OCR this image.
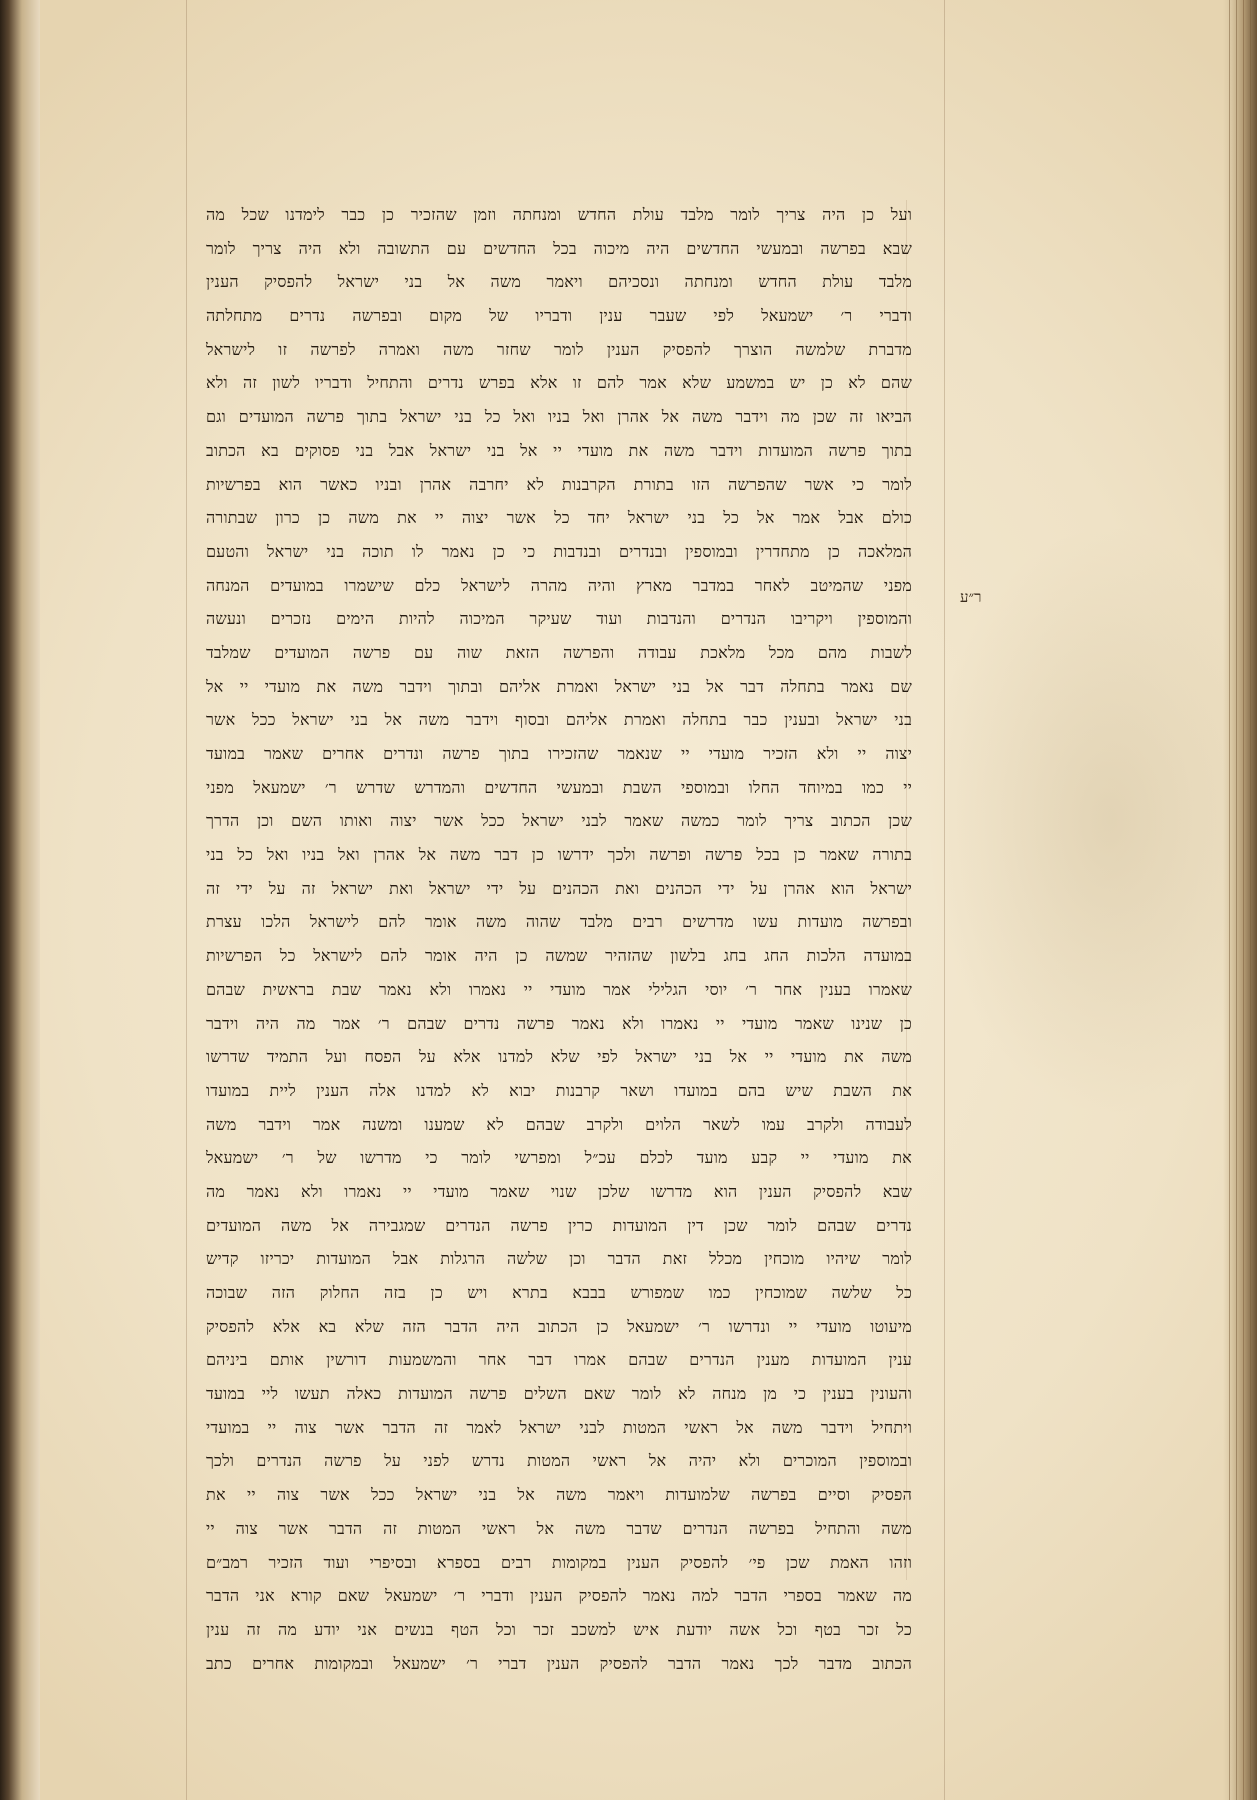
ועל כן היה צריך לומר מלבד עולת החדש ומנחתה וזמן שהזכיר כן כבר לימדנו שכל מה
שבא בפרשה ובמעשי החדשים היה מיכוה בכל החדשים עם התשובה ולא היה צריך לומר
מלבד עולת החדש ומנחתה ונסכיהם ויאמר משה אל בני ישראל להפסיק הענין
ודברי ר׳ ישמעאל לפי שעבר ענין ודבריו של מקום ובפרשה נדרים מתחלתה
מדברת שלמשה הוצרך להפסיק הענין לומר שחזר משה ואמרה לפרשה זו לישראל
שהם לא כן יש במשמע שלא אמר להם זו אלא בפרש נדרים והתחיל ודבריו לשון זה ולא
הביאו זה שכן מה וידבר משה אל אהרן ואל בניו ואל כל בני ישראל בתוך פרשה המועדים וגם
בתוך פרשה המועדות וידבר משה את מועדי יי אל בני ישראל אבל בני פסוקים בא הכתוב
לומר כי אשר שהפרשה הזו בתורת הקרבנות לא יחרבה אהרן ובניו כאשר הוא בפרשיות
כולם אבל אמר אל כל בני ישראל יחד כל אשר יצוה יי את משה כן כרון שבתורה
המלאכה כן מתחדרין ובמוספין ובנדרים ובנדבות כי כן נאמר לו תוכה בני ישראל והטעם
מפני שהמיטב לאחר במדבר מארץ והיה מהרה לישראל כלם שישמרו במועדים המנחה
והמוספין ויקריבו הנדרים והנדבות ועוד שעיקר המיכוה להיות הימים נזכרים ונעשה
לשבות מהם מכל מלאכת עבודה והפרשה הזאת שוה עם פרשה המועדים שמלבד
שם נאמר בתחלה דבר אל בני ישראל ואמרת אליהם ובתוך וידבר משה את מועדי יי אל
בני ישראל ובענין כבר בתחלה ואמרת אליהם ובסוף וידבר משה אל בני ישראל ככל אשר
יצוה יי ולא הזכיר מועדי יי שנאמר שהזכירו בתוך פרשה ונדרים אחרים שאמר במועד
יי כמו במיוחד החלו ובמוספי השבת ובמעשי החדשים והמדרש שדרש ר׳ ישמעאל מפני
שכן הכתוב צריך לומר כמשה שאמר לבני ישראל ככל אשר יצוה ואותו השם וכן הדרך
בתורה שאמר כן בכל פרשה ופרשה ולכך ידרשו כן דבר משה אל אהרן ואל בניו ואל כל בני
ישראל הוא אהרן על ידי הכהנים ואת הכהנים על ידי ישראל ואת ישראל זה על ידי זה
ובפרשה מועדות עשו מדרשים רבים מלבד שהוה משה אומר להם לישראל הלכו עצרת
במועדה הלכות החג בחג בלשון שהזהיר שמשה כן היה אומר להם לישראל כל הפרשיות
שאמרו בענין אחר ר׳ יוסי הגלילי אמר מועדי יי נאמרו ולא נאמר שבת בראשית שבהם
כן שנינו שאמר מועדי יי נאמרו ולא נאמר פרשה נדרים שבהם ר׳ אמר מה היה וידבר
משה את מועדי יי אל בני ישראל לפי שלא למדנו אלא על הפסח ועל התמיד שדרשו
את השבת שיש בהם במועדו ושאר קרבנות יבוא לא למדנו אלה הענין ליית במועדו
לעבודה ולקרב עמו לשאר הלוים ולקרב שבהם לא שמענו ומשנה אמר וידבר משה
את מועדי יי קבע מועד לכלם עכ״ל ומפרשי לומר כי מדרשו של ר׳ ישמעאל
שבא להפסיק הענין הוא מדרשו שלכן שנוי שאמר מועדי יי נאמרו ולא נאמר מה
נדרים שבהם לומר שכן דין המועדות כרין פרשה הנדרים שמגבירה אל משה המועדים
לומר שיהיו מוכחין מכלל זאת הדבר וכן שלשה הרגלות אבל המועדות יכריזו קדיש
כל שלשה שמוכחין כמו שמפורש בבבא בתרא ויש כן בזה החלוק הזה שבוכה
מיעוטו מועדי יי ונדרשו ר׳ ישמעאל כן הכתוב היה הדבר הזה שלא בא אלא להפסיק
ענין המועדות מענין הנדרים שבהם אמרו דבר אחר והמשמעות דורשין אותם ביניהם
והעונין בענין כי מן מנחה לא לומר שאם השלים פרשה המועדות כאלה תעשו ליי במועד
ויתחיל וידבר משה אל ראשי המטות לבני ישראל לאמר זה הדבר אשר צוה יי במועדי
ובמוספין המוכרים ולא יהיה אל ראשי המטות נדרש לפני על פרשה הנדרים ולכך
הפסיק וסיים בפרשה שלמועדות ויאמר משה אל בני ישראל ככל אשר צוה יי את
משה והתחיל בפרשה הנדרים שדבר משה אל ראשי המטות זה הדבר אשר צוה יי
וזהו האמת שכן פי׳ להפסיק הענין במקומות רבים בספרא ובסיפרי ועוד הזכיר רמב״ם
מה שאמר בספרי הדבר למה נאמר להפסיק הענין ודברי ר׳ ישמעאל שאם קורא אני הדבר
כל זכר בטף וכל אשה יודעת איש למשכב זכר וכל הטף בנשים אני יודע מה זה ענין
הכתוב מדבר לכך נאמר הדבר להפסיק הענין דברי ר׳ ישמעאל ובמקומות אחרים כתב
ר״ע
